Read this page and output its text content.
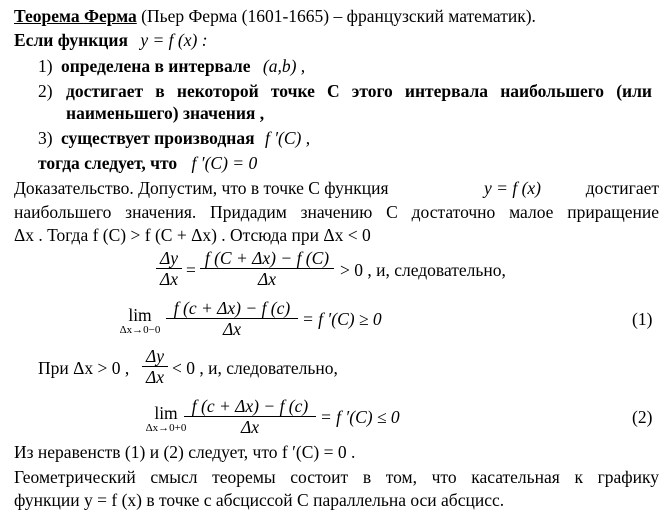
Теорема Ферма (Пьер Ферма (1601-1665) – французский математик).
Если функция y = f (x) :
1) определена в интервале (a,b) ,
2) достигает в некоторой точке C этого интервала наибольшего (или
наименьшего) значения ,
3) существует производная f ′(C) ,
тогда следует, что f ′(C) = 0
Доказательство. Допустим, что в точке С функция	y = f (x)	достигает
наибольшего значения. Придадим значению С достаточно малое приращение
Δx . Тогда f (C) > f (C + Δx) . Отсюда при Δx < 0
$\frac{\Delta y}{\Delta x} = \frac{f (C + \Delta x) - f (C)}{\Delta x} > 0$ , и, следовательно,
lim
$\Delta x\to 0-0 \frac{f (c + \Delta x) - f (c)}{\Delta x} = f$ ′(C) ≥ 0	(1)
При Δx > 0 , $\frac{\Delta y}{\Delta x} < 0$ , и, следовательно,
lim
Δx→0+0
$\frac{f (c + \Delta x) - f (c)}{\Delta x} = f$ ′(C) ≤ 0	(2)
Из неравенств (1) и (2) следует, что f ′(C) = 0 .
Геометрический смысл теоремы состоит в том, что касательная к графику
функции y = f (x) в точке с абсциссой С параллельна оси абсцисс.
